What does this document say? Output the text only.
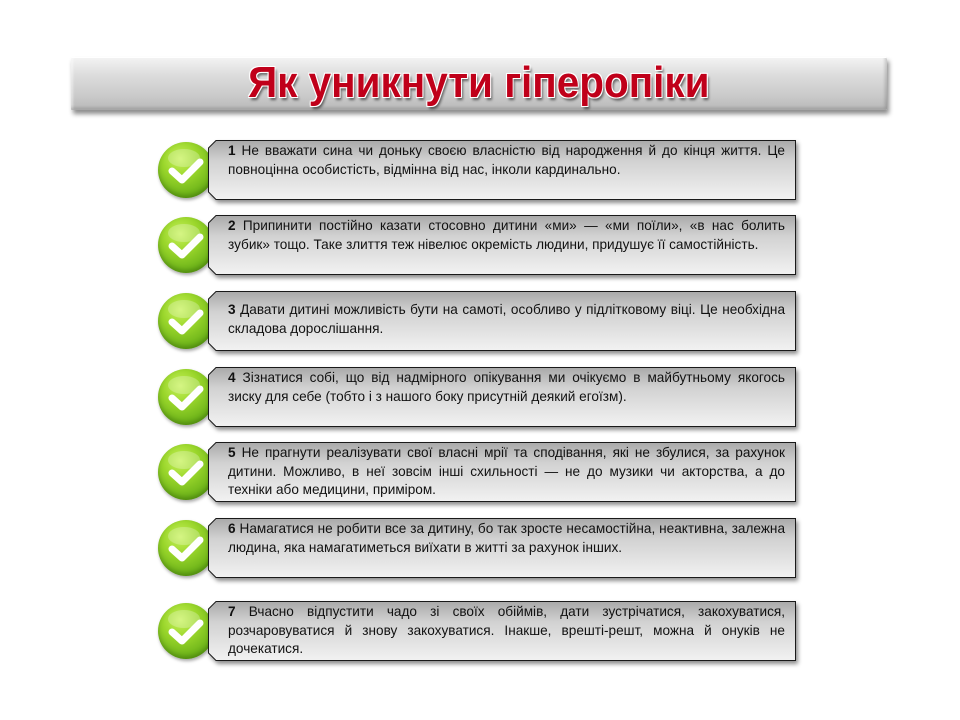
Як уникнути гіперопіки
1 Не вважати сина чи доньку своєю власністю від народження й до кінця життя. Це повноцінна особистість, відмінна від нас, інколи кардинально.
2 Припинити постійно казати стосовно дитини «ми» — «ми поїли», «в нас болить зубик» тощо. Таке злиття теж нівелює окремість людини, придушує її самостійність.
3 Давати дитині можливість бути на самоті, особливо у підлітковому віці. Це необхідна складова дорослішання.
4 Зізнатися собі, що від надмірного опікування ми очікуємо в майбутньому якогось зиску для себе (тобто і з нашого боку присутній деякий егоїзм).
5 Не прагнути реалізувати свої власні мрії та сподівання, які не збулися, за рахунок дитини. Можливо, в неї зовсім інші схильності — не до музики чи акторства, а до техніки або медицини, приміром.
6 Намагатися не робити все за дитину, бо так зросте несамостійна, неактивна, залежна людина, яка намагатиметься виїхати в житті за рахунок інших.
7 Вчасно відпустити чадо зі своїх обіймів, дати зустрічатися, закохуватися, розчаровуватися й знову закохуватися. Інакше, врешті-решт, можна й онуків не дочекатися.
